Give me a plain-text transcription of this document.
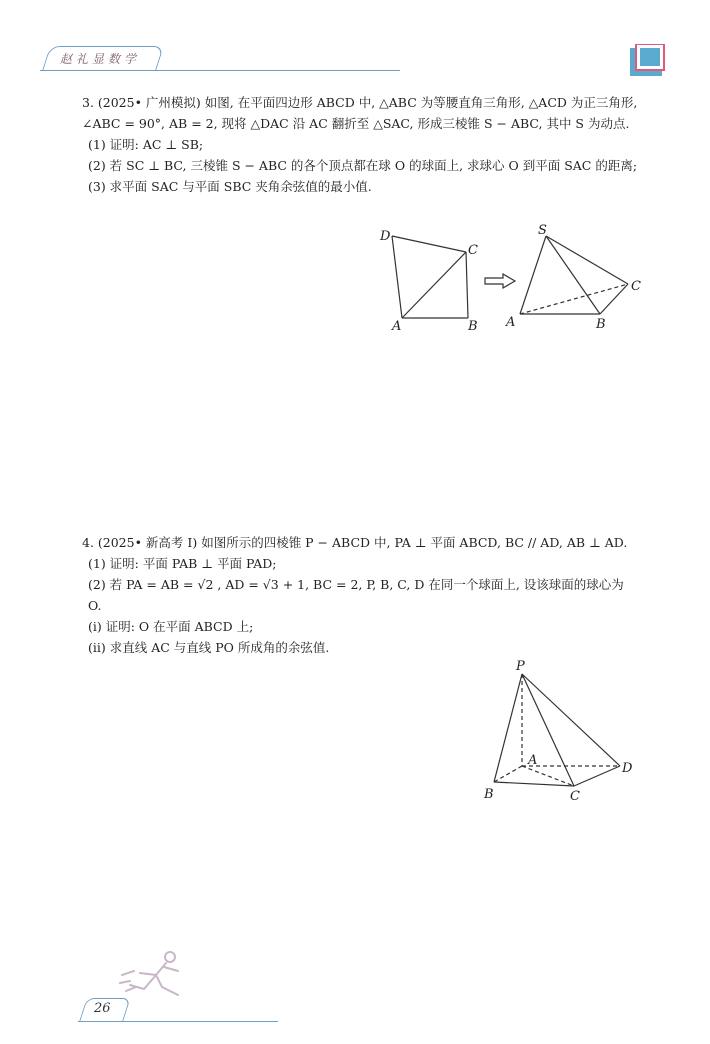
赵礼显数学

3. (2025• 广州模拟) 如图, 在平面四边形 ABCD 中, △ABC 为等腰直角三角形, △ACD 为正三角形,

∠ABC = 90°, AB = 2, 现将 △DAC 沿 AC 翻折至 △SAC, 形成三棱锥 S − ABC, 其中 S 为动点.

(1) 证明: AC ⊥ SB;

(2) 若 SC ⊥ BC, 三棱锥 S − ABC 的各个顶点都在球 O 的球面上, 求球心 O 到平面 SAC 的距离;

(3) 求平面 SAC 与平面 SBC 夹角余弦值的最小值.

D
C
A	B
S
C
A	B

4. (2025• 新高考 Ⅰ) 如图所示的四棱锥 P − ABCD 中, PA ⊥ 平面 ABCD, BC // AD, AB ⊥ AD.

(1) 证明: 平面 PAB ⊥ 平面 PAD;

(2) 若 PA = AB = √2 , AD = √3 + 1, BC = 2, P, B, C, D 在同一个球面上, 设该球面的球心为

O.

(i) 证明: O 在平面 ABCD 上;

(ii) 求直线 AC 与直线 PO 所成角的余弦值.

P
A
B	C
D
26
